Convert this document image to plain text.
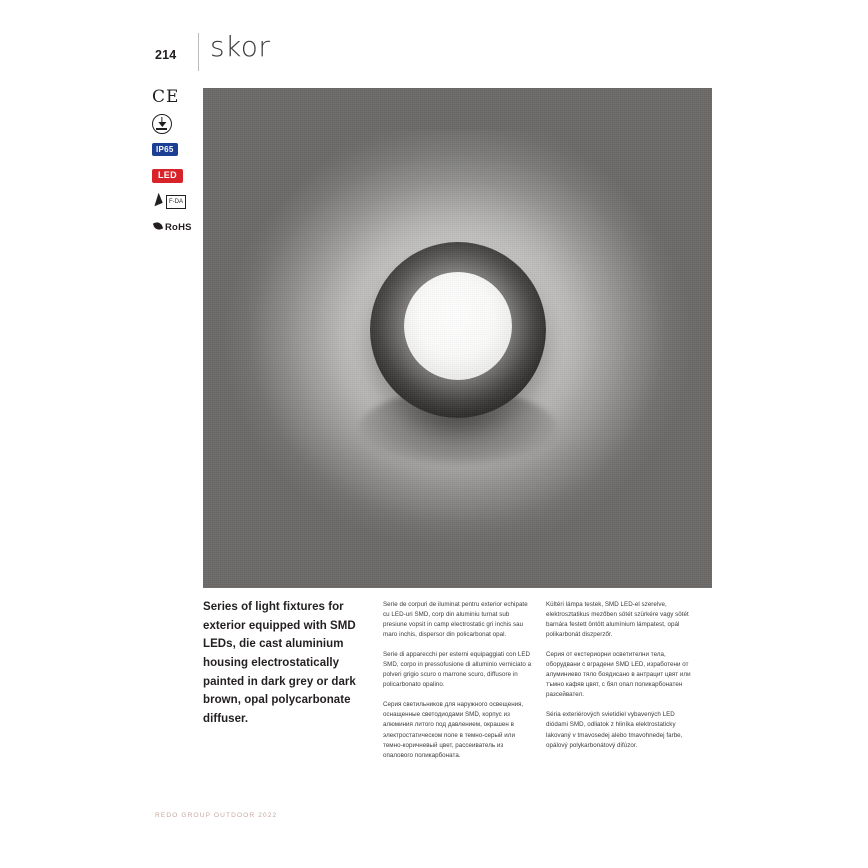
214 skor
CE
IP65
LED
F-DA
RoHS
Series of light fixtures for exterior equipped with SMD LEDs, die cast aluminium housing electrostatically painted in dark grey or dark brown, opal polycarbonate diffuser.

Serie de corpuri de iluminat pentru exterior echipate cu LED-uri SMD, corp din aluminiu turnat sub presiune vopsit in camp electrostatic gri inchis sau maro inchis, dispersor din policarbonat opal.

Serie di apparecchi per esterni equipaggiati con LED SMD, corpo in pressofusione di alluminio verniciato a polveri grigio scuro o marrone scuro, diffusore in policarbonato opalino.

Серия светильников для наружного освещения, оснащенные светодиодами SMD, корпус из алюминия литого под давлением, окрашен в электростатическом поле в темно-серый или темно-коричневый цвет, рассеиватель из опалового поликарбоната.

Kültéri lámpa testek, SMD LED-el szerelve, elektrosztatikus mezőben sötét szürkére vagy sötét barnára festett öntött alumínium lámpatest, opál polikarbonát diszperzőr.

Серия от екстериорни осветителни тела, оборудвани с вградени SMD LED, изработени от алуминиево тяло боядисано в антрацит цвят или тъмно кафяв цвят, с бял опал поликарбонатен разсейвател.

Séria exteriérových svietidiel vybavených LED diódami SMD, odliatok z hliníka elektrostaticky lakovaný v tmavosedej alebo tmavohnedej farbe, opálový polykarbonátový difúzor.

REDO GROUP OUTDOOR 2022
